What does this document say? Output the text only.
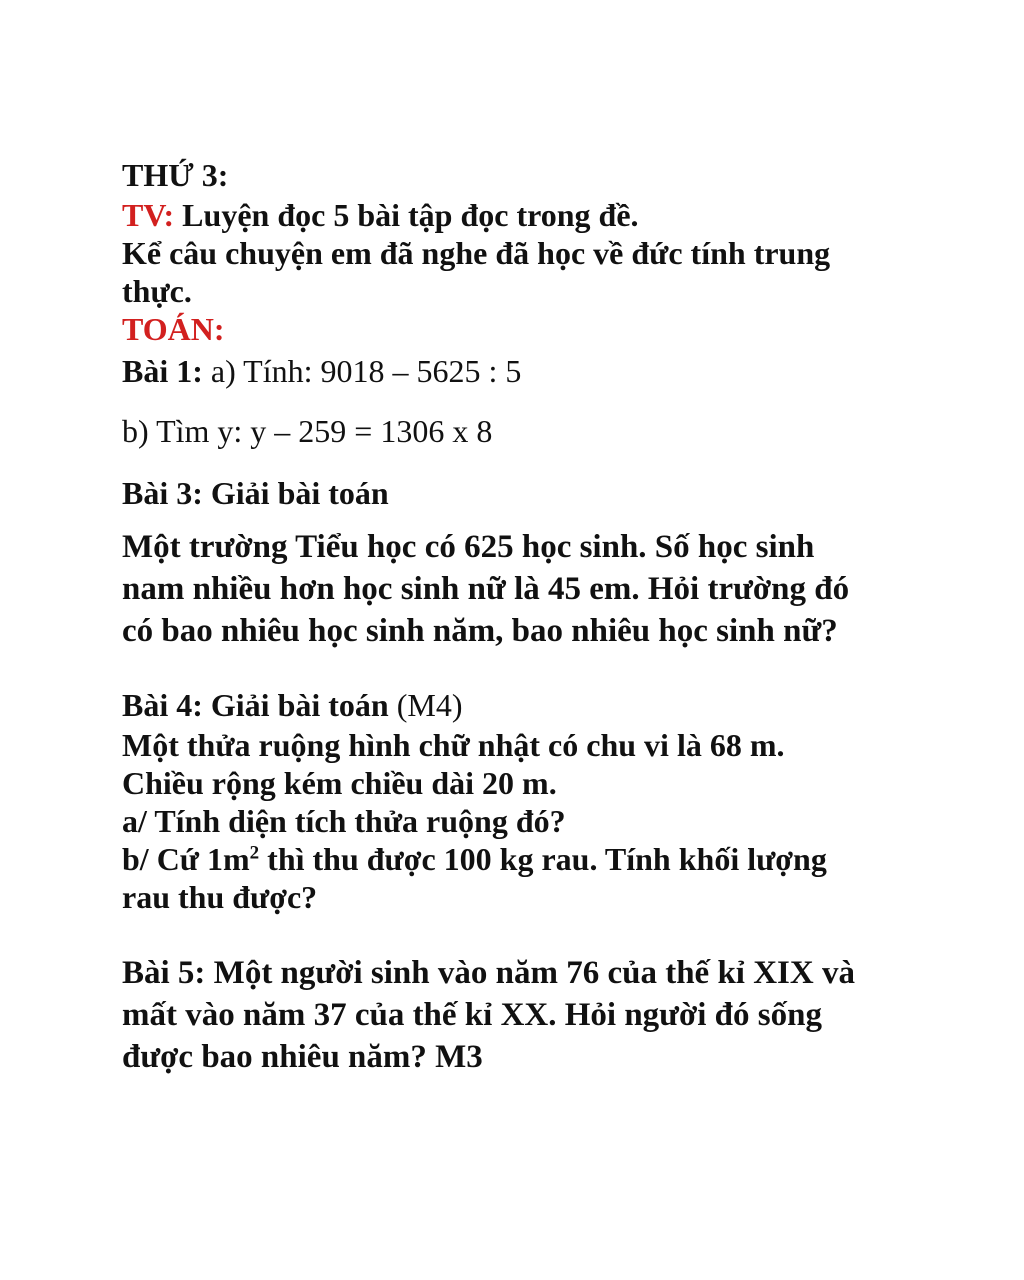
THỨ 3:
TV: Luyện đọc 5 bài tập đọc trong đề.
Kể câu chuyện em đã nghe đã học về đức tính trung
thực.
TOÁN:
Bài 1: a) Tính: 9018 – 5625 : 5
b) Tìm y: y – 259 = 1306 x 8
Bài 3: Giải bài toán
Một trường Tiểu học có 625 học sinh. Số học sinh
nam nhiều hơn học sinh nữ là 45 em. Hỏi trường đó
có bao nhiêu học sinh năm, bao nhiêu học sinh nữ?
Bài 4: Giải bài toán (M4)
Một thửa ruộng hình chữ nhật có chu vi là 68 m.
Chiều rộng kém chiều dài 20 m.
a/ Tính diện tích thửa ruộng đó?
b/ Cứ $1m^2$ thì thu được 100 kg rau. Tính khối lượng
rau thu được?
Bài 5: Một người sinh vào năm 76 của thế kỉ XIX và
mất vào năm 37 của thế kỉ XX. Hỏi người đó sống
được bao nhiêu năm? M3
